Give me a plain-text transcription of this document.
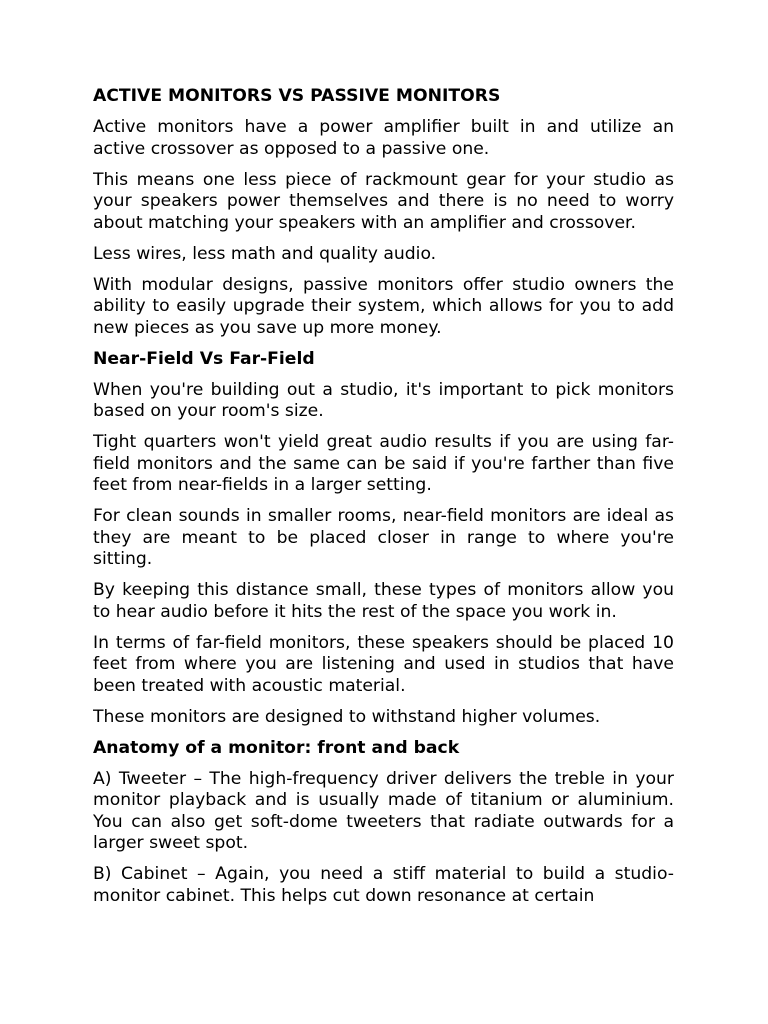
ACTIVE MONITORS VS PASSIVE MONITORS

Active monitors have a power amplifier built in and utilize an active crossover as opposed to a passive one.

This means one less piece of rackmount gear for your studio as your speakers power themselves and there is no need to worry about matching your speakers with an amplifier and crossover.

Less wires, less math and quality audio.

With modular designs, passive monitors offer studio owners the ability to easily upgrade their system, which allows for you to add new pieces as you save up more money.

Near-Field Vs Far-Field

When you're building out a studio, it's important to pick monitors based on your room's size.

Tight quarters won't yield great audio results if you are using far-field monitors and the same can be said if you're farther than five feet from near-fields in a larger setting.

For clean sounds in smaller rooms, near-field monitors are ideal as they are meant to be placed closer in range to where you're sitting.

By keeping this distance small, these types of monitors allow you to hear audio before it hits the rest of the space you work in.

In terms of far-field monitors, these speakers should be placed 10 feet from where you are listening and used in studios that have been treated with acoustic material.

These monitors are designed to withstand higher volumes.

Anatomy of a monitor: front and back

A) Tweeter – The high-frequency driver delivers the treble in your monitor playback and is usually made of titanium or aluminium. You can also get soft-dome tweeters that radiate outwards for a larger sweet spot.

B) Cabinet – Again, you need a stiff material to build a studio-monitor cabinet. This helps cut down resonance at certain
